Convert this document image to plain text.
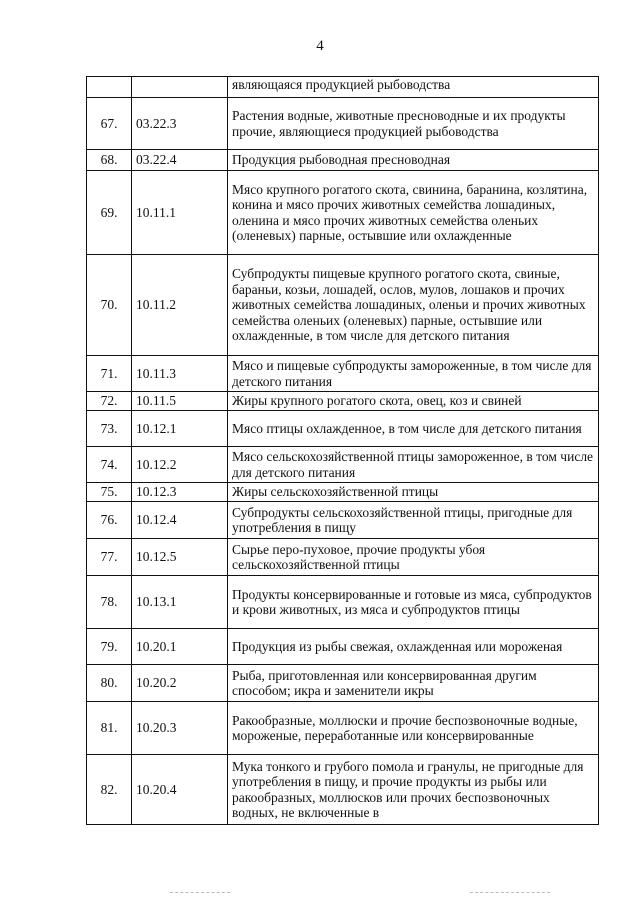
4
		являющаяся продукцией рыбоводства
67.	03.22.3	Растения водные, животные пресноводные и их продукты прочие, являющиеся продукцией рыбоводства
68.	03.22.4	Продукция рыбоводная пресноводная
69.	10.11.1	Мясо крупного рогатого скота, свинина, баранина, козлятина, конина и мясо прочих животных семейства лошадиных, оленина и мясо прочих животных семейства оленьих (оленевых) парные, остывшие или охлажденные
70.	10.11.2	Субпродукты пищевые крупного рогатого скота, свиные, бараньи, козьи, лошадей, ослов, мулов, лошаков и прочих животных семейства лошадиных, оленьи и прочих животных семейства оленьих (оленевых) парные, остывшие или охлажденные, в том числе для детского питания
71.	10.11.3	Мясо и пищевые субпродукты замороженные, в том числе для детского питания
72.	10.11.5	Жиры крупного рогатого скота, овец, коз и свиней
73.	10.12.1	Мясо птицы охлажденное, в том числе для детского питания
74.	10.12.2	Мясо сельскохозяйственной птицы замороженное, в том числе для детского питания
75.	10.12.3	Жиры сельскохозяйственной птицы
76.	10.12.4	Субпродукты сельскохозяйственной птицы, пригодные для употребления в пищу
77.	10.12.5	Сырье перо-пуховое, прочие продукты убоя сельскохозяйственной птицы
78.	10.13.1	Продукты консервированные и готовые из мяса, субпродуктов и крови животных, из мяса и субпродуктов птицы
79.	10.20.1	Продукция из рыбы свежая, охлажденная или мороженая
80.	10.20.2	Рыба, приготовленная или консервированная другим способом; икра и заменители икры
81.	10.20.3	Ракообразные, моллюски и прочие беспозвоночные водные, мороженые, переработанные или консервированные
82.	10.20.4	Мука тонкого и грубого помола и гранулы, не пригодные для употребления в пищу, и прочие продукты из рыбы или ракообразных, моллюсков или прочих беспозвоночных водных, не включенные в
